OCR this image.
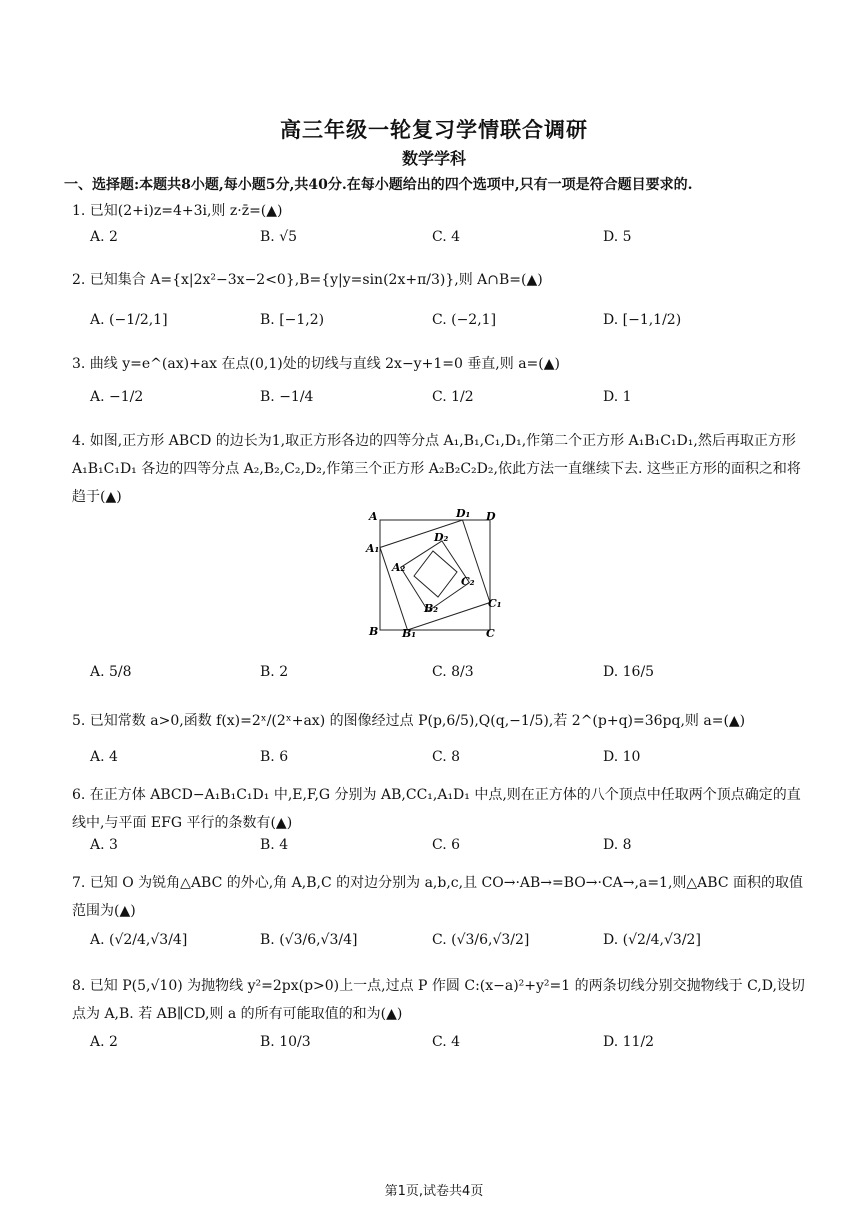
高三年级一轮复习学情联合调研
数学学科
一、选择题:本题共8小题,每小题5分,共40分.在每小题给出的四个选项中,只有一项是符合题目要求的.
1. 已知(2+i)z=4+3i,则 z·z̄=(▲)
A. 2	B. √5	C. 4	D. 5
2. 已知集合 A={x|2x²−3x−2<0},B={y|y=sin(2x+π/3)},则 A∩B=(▲)
A. (−1/2,1]	B. [−1,2)	C. (−2,1]	D. [−1,1/2)
3. 曲线 y=e^(ax)+ax 在点(0,1)处的切线与直线 2x−y+1=0 垂直,则 a=(▲)
A. −1/2	B. −1/4	C. 1/2	D. 1
4. 如图,正方形 ABCD 的边长为1,取正方形各边的四等分点 A₁,B₁,C₁,D₁,作第二个正方形 A₁B₁C₁D₁,然后再取正方形 A₁B₁C₁D₁ 各边的四等分点 A₂,B₂,C₂,D₂,作第三个正方形 A₂B₂C₂D₂,依此方法一直继续下去. 这些正方形的面积之和将趋于(▲)
A	D₁ D
A₁
D₂
A₂
C₂
B₂	C₁
B B₁	C
A. 5/8	B. 2	C. 8/3	D. 16/5
5. 已知常数 a>0,函数 f(x)=2ˣ/(2ˣ+ax) 的图像经过点 P(p,6/5),Q(q,−1/5),若 2^(p+q)=36pq,则 a=(▲)
A. 4	B. 6	C. 8	D. 10
6. 在正方体 ABCD−A₁B₁C₁D₁ 中,E,F,G 分别为 AB,CC₁,A₁D₁ 中点,则在正方体的八个顶点中任取两个顶点确定的直线中,与平面 EFG 平行的条数有(▲)
A. 3	B. 4	C. 6	D. 8
7. 已知 O 为锐角△ABC 的外心,角 A,B,C 的对边分别为 a,b,c,且 CO→·AB→=BO→·CA→,a=1,则△ABC 面积的取值范围为(▲)
A. (√2/4,√3/4]	B. (√3/6,√3/4]	C. (√3/6,√3/2]	D. (√2/4,√3/2]
8. 已知 P(5,√10) 为抛物线 y²=2px(p>0)上一点,过点 P 作圆 C:(x−a)²+y²=1 的两条切线分别交抛物线于 C,D,设切点为 A,B. 若 AB∥CD,则 a 的所有可能取值的和为(▲)
A. 2	B. 10/3	C. 4	D. 11/2
第1页,试卷共4页
